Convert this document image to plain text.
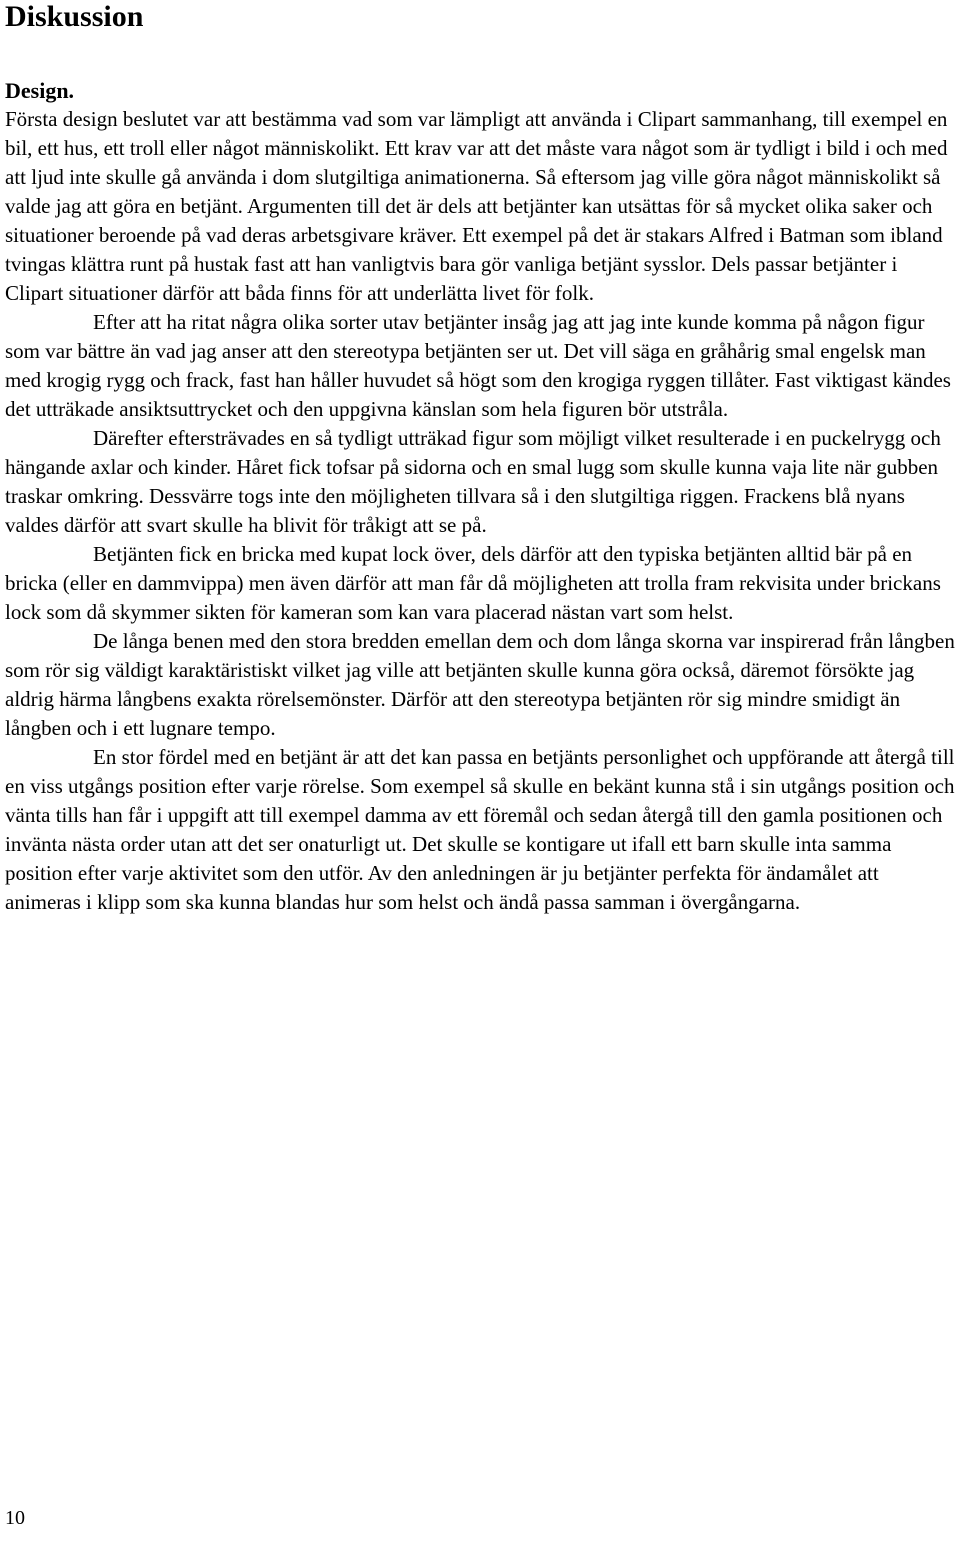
Diskussion
Design.

Första design beslutet var att bestämma vad som var lämpligt att använda i Clipart sammanhang, till exempel en bil, ett hus, ett troll eller något människolikt. Ett krav var att det måste vara något som är tydligt i bild i och med att ljud inte skulle gå använda i dom slutgiltiga animationerna. Så eftersom jag ville göra något människolikt så valde jag att göra en betjänt. Argumenten till det är dels att betjänter kan utsättas för så mycket olika saker och situationer beroende på vad deras arbetsgivare kräver. Ett exempel på det är stakars Alfred i Batman som ibland tvingas klättra runt på hustak fast att han vanligtvis bara gör vanliga betjänt sysslor. Dels passar betjänter i Clipart situationer därför att båda finns för att underlätta livet för folk.

Efter att ha ritat några olika sorter utav betjänter insåg jag att jag inte kunde komma på någon figur som var bättre än vad jag anser att den stereotypa betjänten ser ut. Det vill säga en gråhårig smal engelsk man med krogig rygg och frack, fast han håller huvudet så högt som den krogiga ryggen tillåter. Fast viktigast kändes det utträkade ansiktsuttrycket och den uppgivna känslan som hela figuren bör utstråla.

Därefter eftersträvades en så tydligt utträkad figur som möjligt vilket resulterade i en puckelrygg och hängande axlar och kinder. Håret fick tofsar på sidorna och en smal lugg som skulle kunna vaja lite när gubben traskar omkring. Dessvärre togs inte den möjligheten tillvara så i den slutgiltiga riggen. Frackens blå nyans valdes därför att svart skulle ha blivit för tråkigt att se på.

Betjänten fick en bricka med kupat lock över, dels därför att den typiska betjänten alltid bär på en bricka (eller en dammvippa) men även därför att man får då möjligheten att trolla fram rekvisita under brickans lock som då skymmer sikten för kameran som kan vara placerad nästan vart som helst.

De långa benen med den stora bredden emellan dem och dom långa skorna var inspirerad från långben som rör sig väldigt karaktäristiskt vilket jag ville att betjänten skulle kunna göra också, däremot försökte jag aldrig härma långbens exakta rörelsemönster. Därför att den stereotypa betjänten rör sig mindre smidigt än långben och i ett lugnare tempo.

En stor fördel med en betjänt är att det kan passa en betjänts personlighet och uppförande att återgå till en viss utgångs position efter varje rörelse. Som exempel så skulle en bekänt kunna stå i sin utgångs position och vänta tills han får i uppgift att till exempel damma av ett föremål och sedan återgå till den gamla positionen och invänta nästa order utan att det ser onaturligt ut. Det skulle se kontigare ut ifall ett barn skulle inta samma position efter varje aktivitet som den utför. Av den anledningen är ju betjänter perfekta för ändamålet att animeras i klipp som ska kunna blandas hur som helst och ändå passa samman i övergångarna.

10
